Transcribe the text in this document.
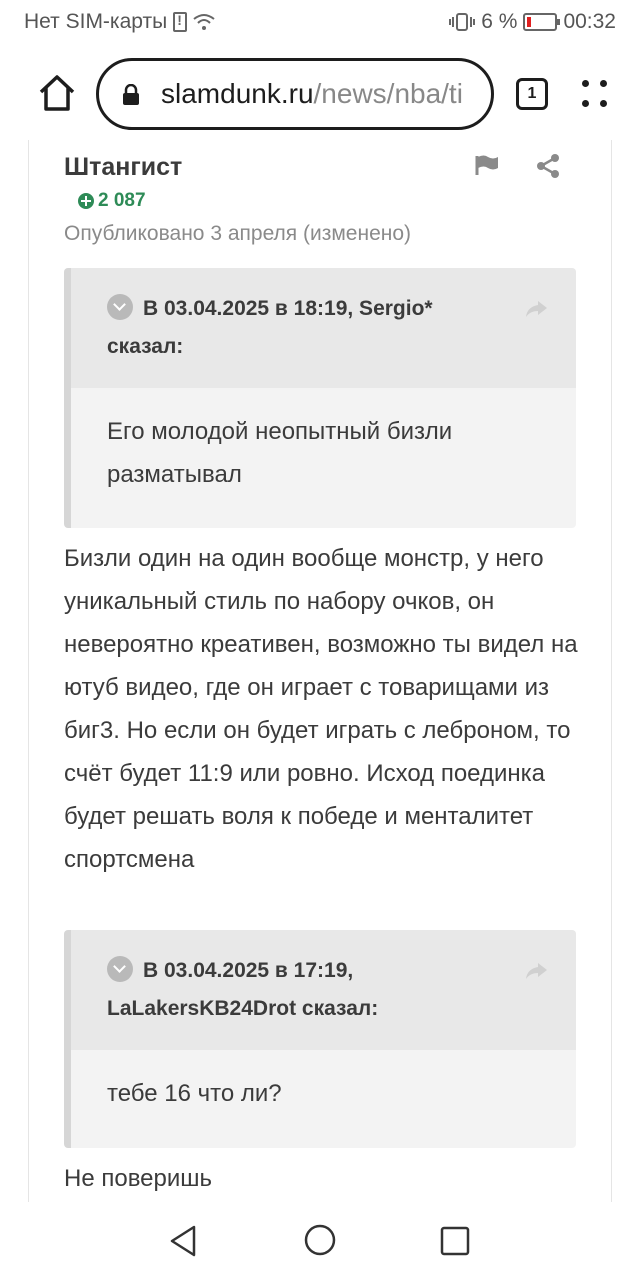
Нет SIM-карты
!	6 % 00:32
slamdunk.ru/news/nba/ti	1
Штангист
2 087
Опубликовано 3 апреля (изменено)
В 03.04.2025 в 18:19, Sergio* сказал:
Его молодой неопытный бизли разматывал
Бизли один на один вообще монстр, у него уникальный стиль по набору очков, он невероятно креативен, возможно ты видел на ютуб видео, где он играет с товарищами из биг3. Но если он будет играть с леброном, то счёт будет 11:9 или ровно. Исход поединка будет решать воля к победе и менталитет спортсмена
В 03.04.2025 в 17:19, LaLakersKB24Drot сказал:
тебе 16 что ли?
Не поверишь
